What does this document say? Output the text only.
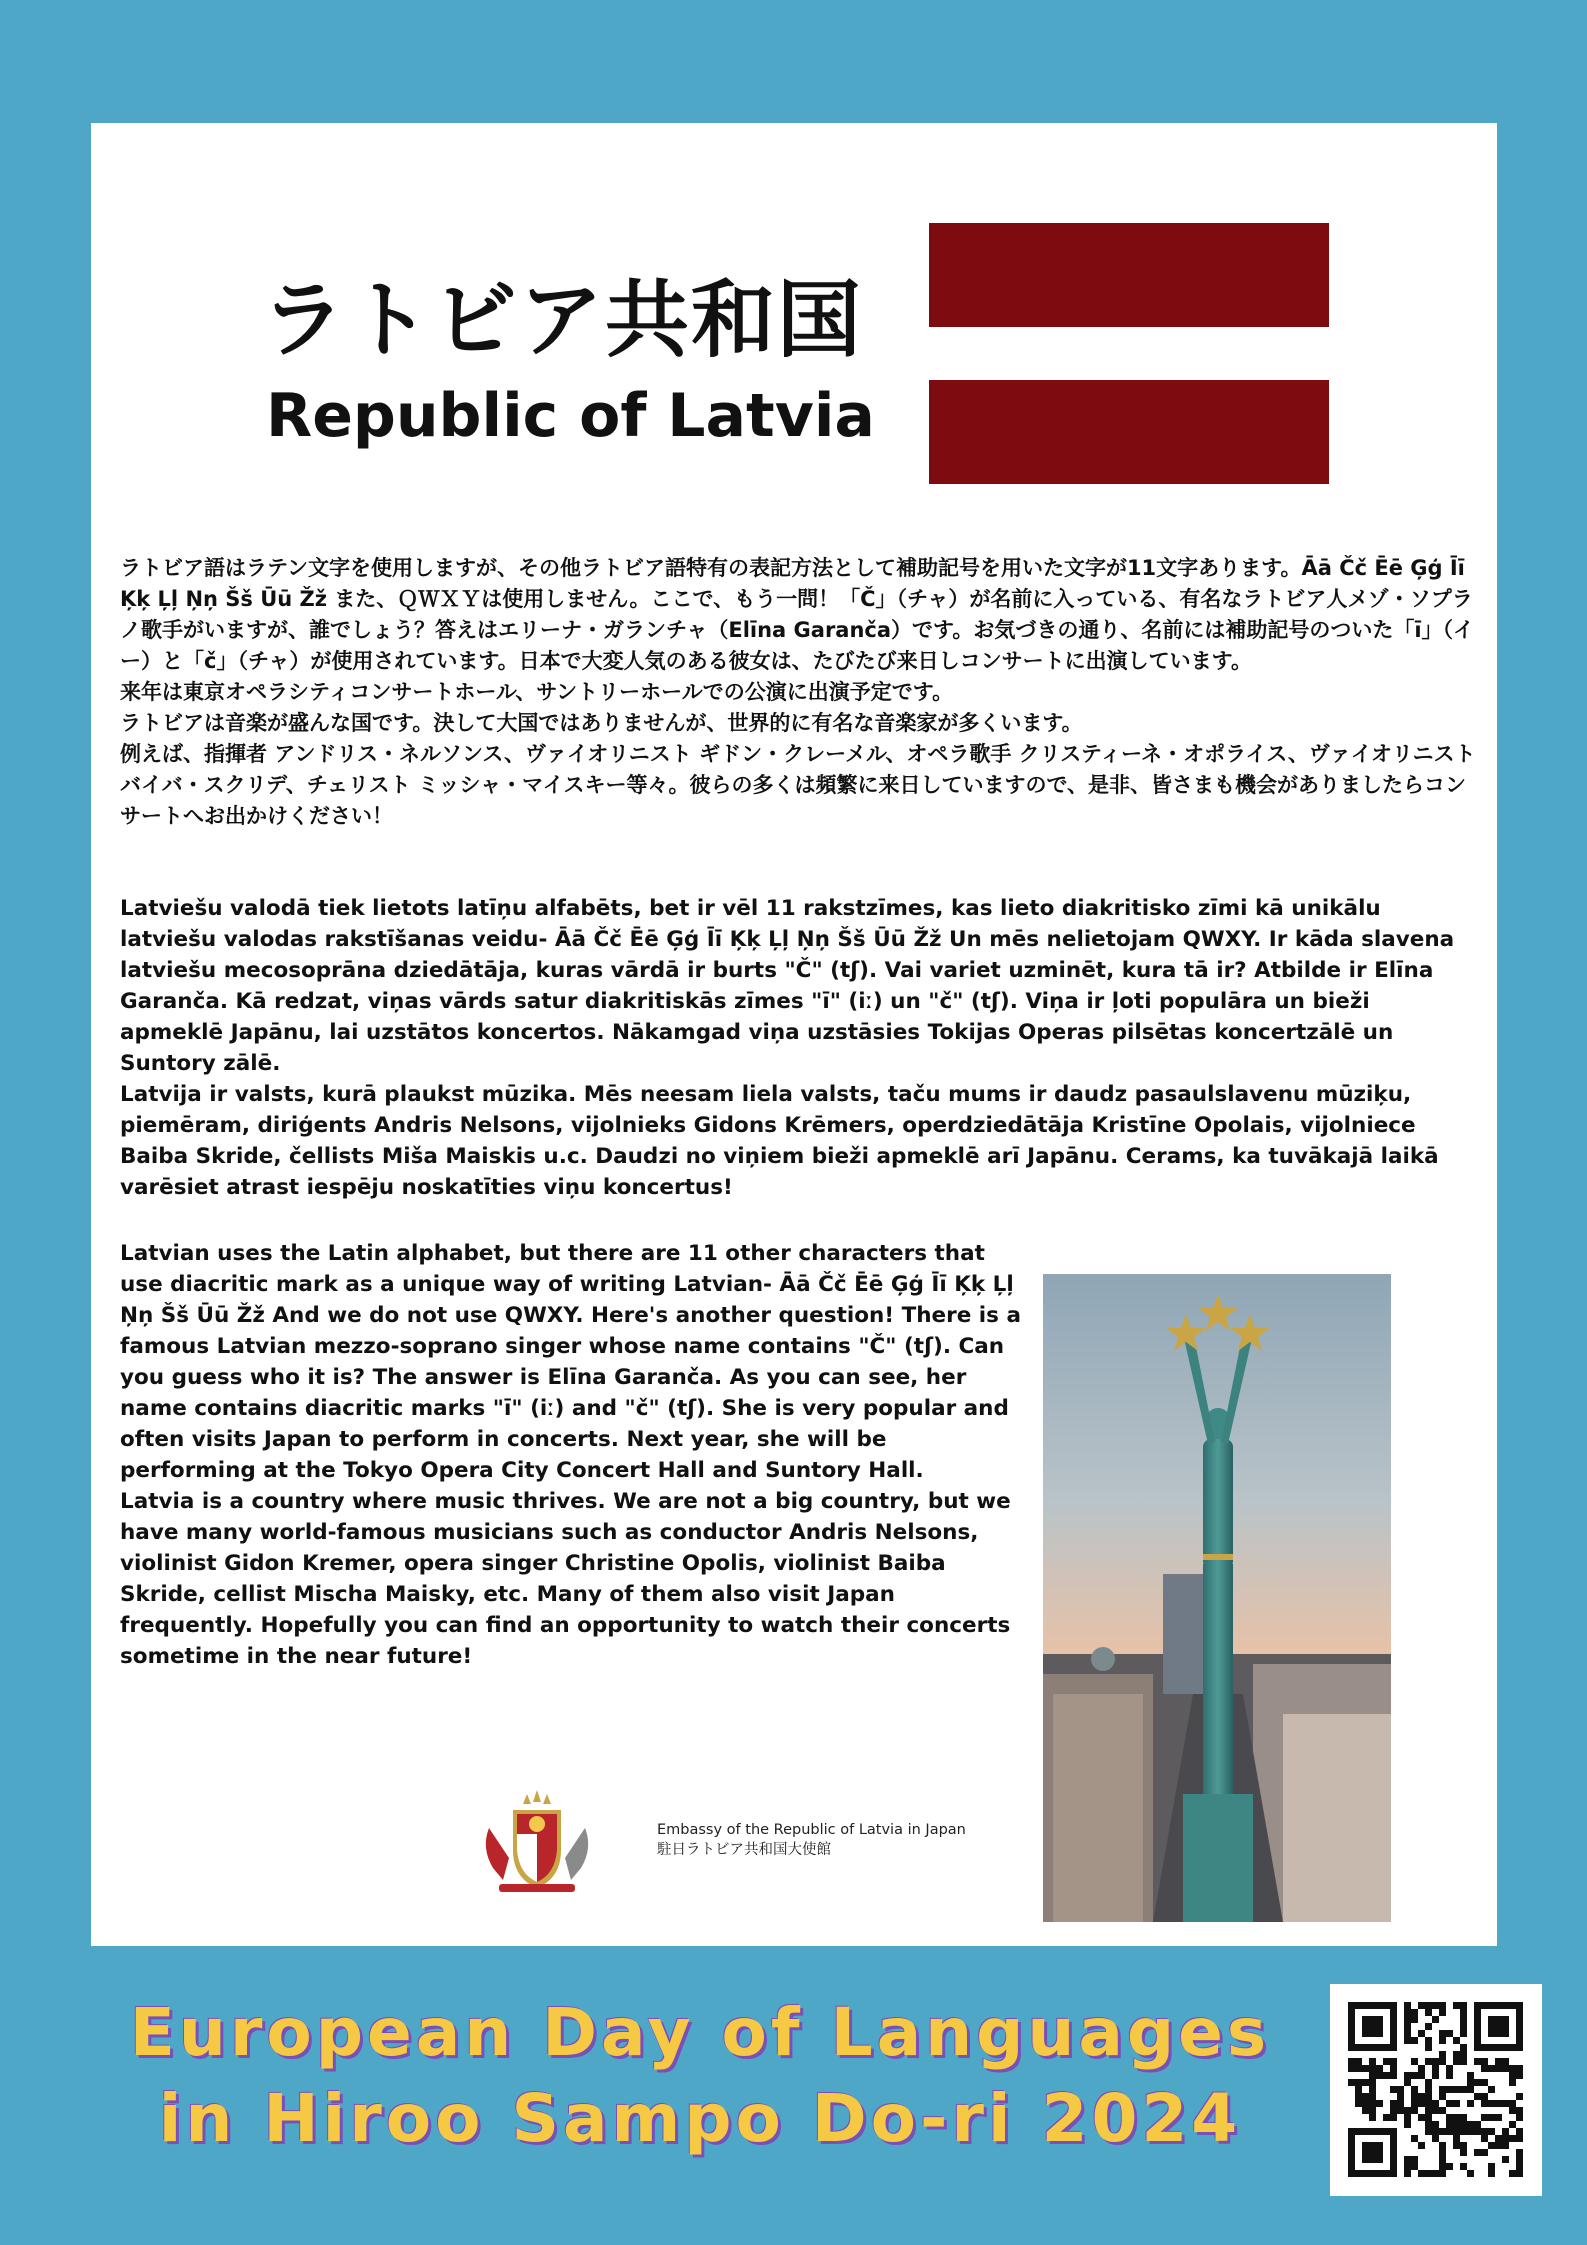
ラトビア共和国
Republic of Latvia
ラトビア語はラテン文字を使用しますが、その他ラトビア語特有の表記方法として補助記号を用いた文字が11文字あります。Āā Čč Ēē Ģģ Īī Ķķ Ļļ Ņņ Šš Ūū Žž また、ＱＷＸＹは使用しません。ここで、もう一問！「Č」（チャ）が名前に入っている、有名なラトビア人メゾ・ソプラノ歌手がいますが、誰でしょう？答えはエリーナ・ガランチャ（Elīna Garanča）です。お気づきの通り、名前には補助記号のついた「ī」（イー）と「č」（チャ）が使用されています。日本で大変人気のある彼女は、たびたび来日しコンサートに出演しています。
来年は東京オペラシティコンサートホール、サントリーホールでの公演に出演予定です。
ラトビアは音楽が盛んな国です。決して大国ではありませんが、世界的に有名な音楽家が多くいます。
例えば、指揮者 アンドリス・ネルソンス、ヴァイオリニスト ギドン・クレーメル、オペラ歌手 クリスティーネ・オポライス、ヴァイオリニスト バイバ・スクリデ、チェリスト ミッシャ・マイスキー等々。彼らの多くは頻繁に来日していますので、是非、皆さまも機会がありましたらコンサートへお出かけください！
Latviešu valodā tiek lietots latīņu alfabēts, bet ir vēl 11 rakstzīmes, kas lieto diakritisko zīmi kā unikālu latviešu valodas rakstīšanas veidu- Āā Čč Ēē Ģģ Īī Ķķ Ļļ Ņņ Šš Ūū Žž Un mēs nelietojam QWXY. Ir kāda slavena latviešu mecosoprāna dziedātāja, kuras vārdā ir burts "Č" (tʃ). Vai variet uzminēt, kura tā ir? Atbilde ir Elīna Garanča. Kā redzat, viņas vārds satur diakritiskās zīmes "ī" (iː) un "č" (tʃ). Viņa ir ļoti populāra un bieži apmeklē Japānu, lai uzstātos koncertos. Nākamgad viņa uzstāsies Tokijas Operas pilsētas koncertzālē un Suntory zālē.
Latvija ir valsts, kurā plaukst mūzika. Mēs neesam liela valsts, taču mums ir daudz pasaulslavenu mūziķu, piemēram, diriģents Andris Nelsons, vijolnieks Gidons Krēmers, operdziedātāja Kristīne Opolais, vijolniece Baiba Skride, čellists Miša Maiskis u.c. Daudzi no viņiem bieži apmeklē arī Japānu. Cerams, ka tuvākajā laikā varēsiet atrast iespēju noskatīties viņu koncertus!
Latvian uses the Latin alphabet, but there are 11 other characters that use diacritic mark as a unique way of writing Latvian- Āā Čč Ēē Ģģ Īī Ķķ Ļļ Ņņ Šš Ūū Žž And we do not use QWXY. Here's another question! There is a famous Latvian mezzo-soprano singer whose name contains "Č" (tʃ). Can you guess who it is? The answer is Elīna Garanča. As you can see, her name contains diacritic marks "ī" (iː) and "č" (tʃ). She is very popular and often visits Japan to perform in concerts. Next year, she will be performing at the Tokyo Opera City Concert Hall and Suntory Hall.
Latvia is a country where music thrives. We are not a big country, but we have many world-famous musicians such as conductor Andris Nelsons, violinist Gidon Kremer, opera singer Christine Opolis, violinist Baiba Skride, cellist Mischa Maisky, etc. Many of them also visit Japan frequently. Hopefully you can find an opportunity to watch their concerts sometime in the near future!
Embassy of the Republic of Latvia in Japan
駐日ラトビア共和国大使館
European Day of Languages
in Hiroo Sampo Do-ri 2024
